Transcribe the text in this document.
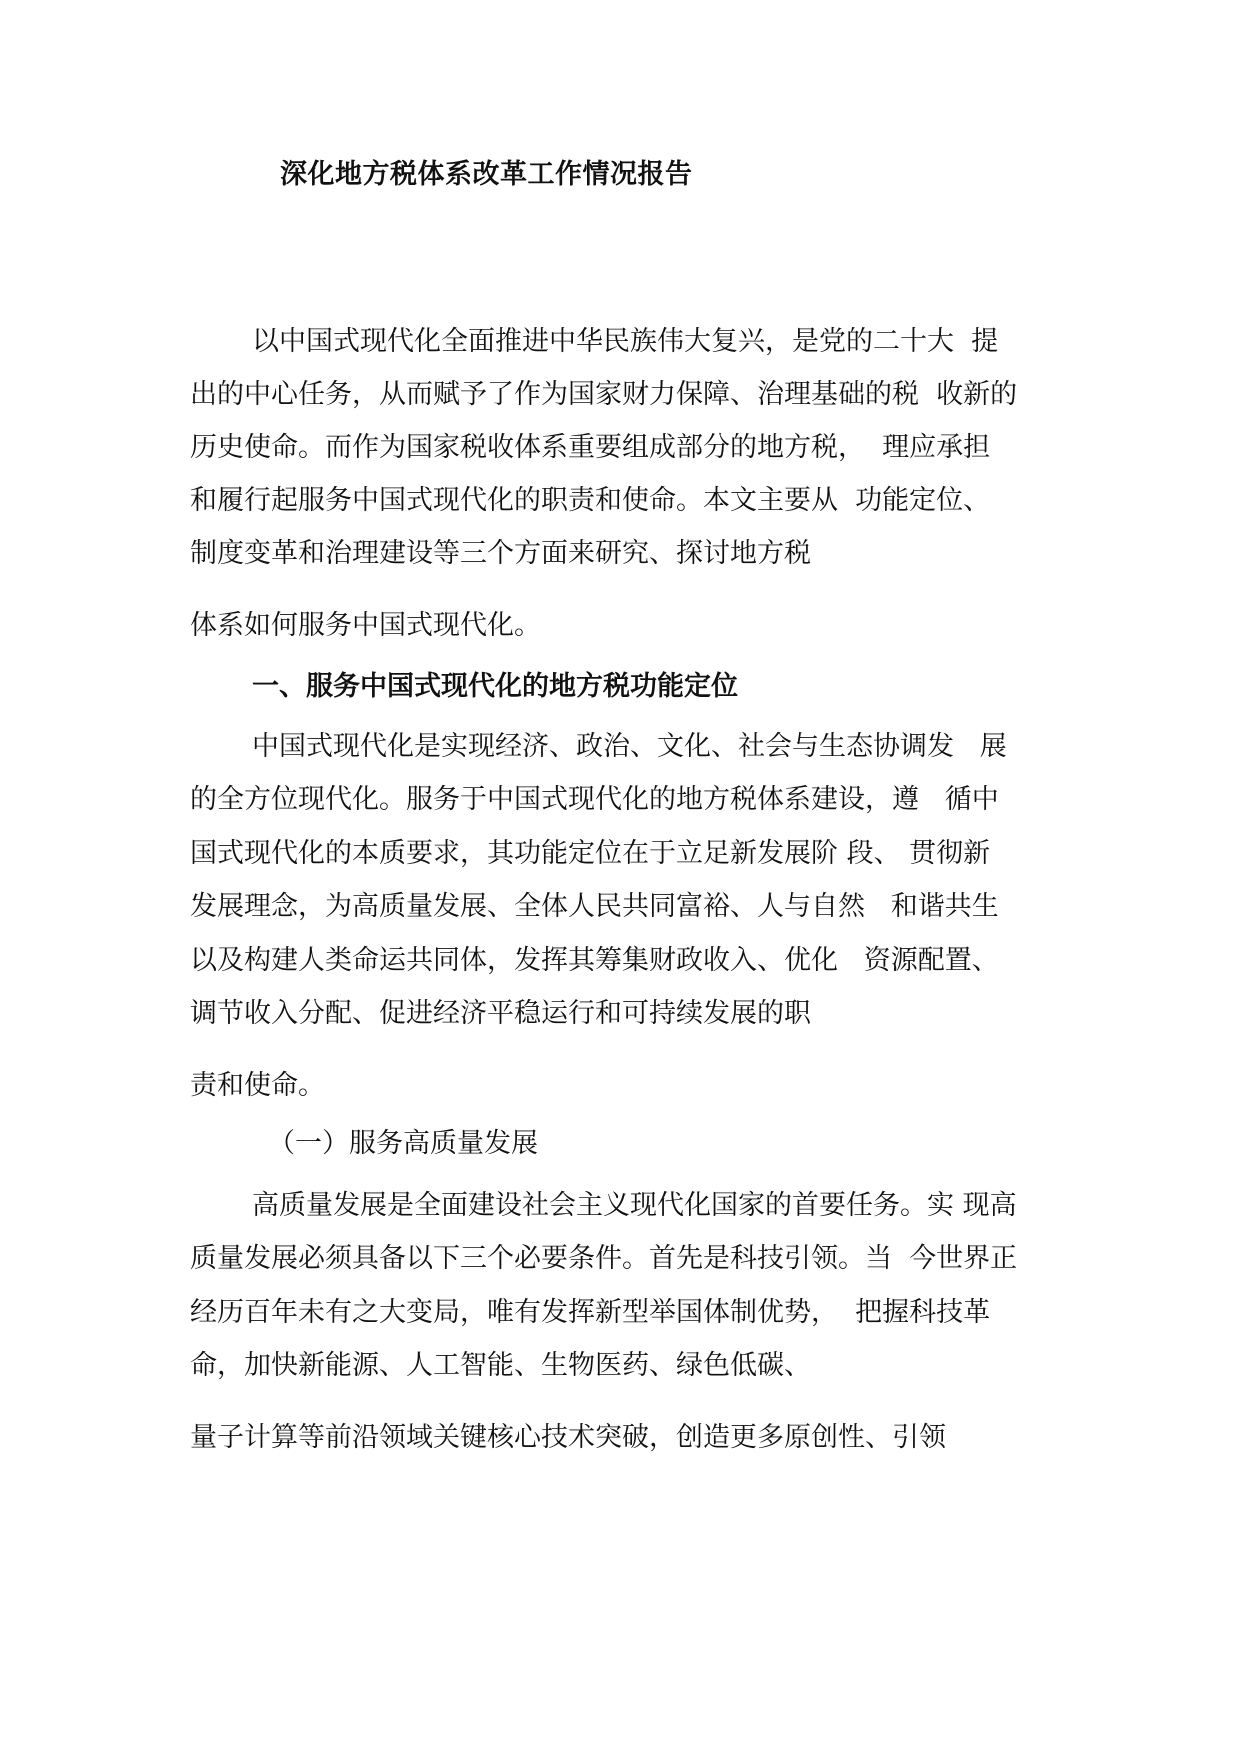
深化地方税体系改革工作情况报告
以中国式现代化全面推进中华民族伟大复兴，是党的二十大  提
出的中心任务，从而赋予了作为国家财力保障、治理基础的税  收新的
历史使命。而作为国家税收体系重要组成部分的地方税，  理应承担
和履行起服务中国式现代化的职责和使命。本文主要从  功能定位、
制度变革和治理建设等三个方面来研究、探讨地方税
体系如何服务中国式现代化。
一、服务中国式现代化的地方税功能定位
中国式现代化是实现经济、政治、文化、社会与生态协调发   展
的全方位现代化。服务于中国式现代化的地方税体系建设，遵   循中
国式现代化的本质要求，其功能定位在于立足新发展阶 段、 贯彻新
发展理念，为高质量发展、全体人民共同富裕、人与自然   和谐共生
以及构建人类命运共同体，发挥其筹集财政收入、优化   资源配置、
调节收入分配、促进经济平稳运行和可持续发展的职
责和使命。
（一）服务高质量发展
高质量发展是全面建设社会主义现代化国家的首要任务。实 现高
质量发展必须具备以下三个必要条件。首先是科技引领。当  今世界正
经历百年未有之大变局，唯有发挥新型举国体制优势，  把握科技革
命，加快新能源、人工智能、生物医药、绿色低碳、
量子计算等前沿领域关键核心技术突破，创造更多原创性、引领
